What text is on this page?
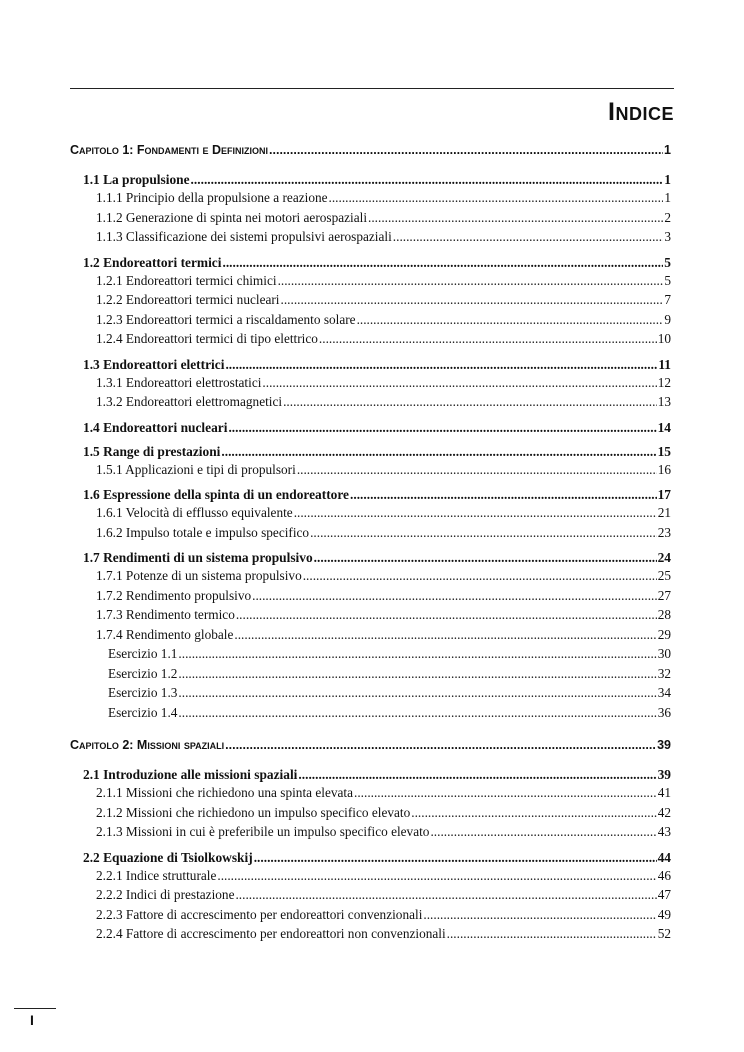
Indice
Capitolo 1: Fondamenti e Definizioni .....	1
1.1 La propulsione .....	1
1.1.1 Principio della propulsione a reazione .....	1
1.1.2 Generazione di spinta nei motori aerospaziali .....	2
1.1.3 Classificazione dei sistemi propulsivi aerospaziali .....	3
1.2 Endoreattori termici .....	5
1.2.1 Endoreattori termici chimici .....	5
1.2.2 Endoreattori termici nucleari .....	7
1.2.3 Endoreattori termici a riscaldamento solare .....	9
1.2.4 Endoreattori termici di tipo elettrico .....	10
1.3 Endoreattori elettrici .....	11
1.3.1 Endoreattori elettrostatici .....	12
1.3.2 Endoreattori elettromagnetici .....	13
1.4 Endoreattori nucleari .....	14
1.5 Range di prestazioni .....	15
1.5.1 Applicazioni e tipi di propulsori .....	16
1.6 Espressione della spinta di un endoreattore .....	17
1.6.1 Velocità di efflusso equivalente .....	21
1.6.2 Impulso totale e impulso specifico .....	23
1.7 Rendimenti di un sistema propulsivo .....	24
1.7.1 Potenze di un sistema propulsivo .....	25
1.7.2 Rendimento propulsivo .....	27
1.7.3 Rendimento termico .....	28
1.7.4 Rendimento globale .....	29
Esercizio 1.1 .....	30
Esercizio 1.2 .....	32
Esercizio 1.3 .....	34
Esercizio 1.4 .....	36
Capitolo 2: Missioni spaziali .....	39
2.1 Introduzione alle missioni spaziali .....	39
2.1.1 Missioni che richiedono una spinta elevata .....	41
2.1.2 Missioni che richiedono un impulso specifico elevato .....	42
2.1.3 Missioni in cui è preferibile un impulso specifico elevato .....	43
2.2 Equazione di Tsiolkowskij .....	44
2.2.1 Indice strutturale .....	46
2.2.2 Indici di prestazione .....	47
2.2.3 Fattore di accrescimento per endoreattori convenzionali .....	49
2.2.4 Fattore di accrescimento per endoreattori non convenzionali .....	52
I
